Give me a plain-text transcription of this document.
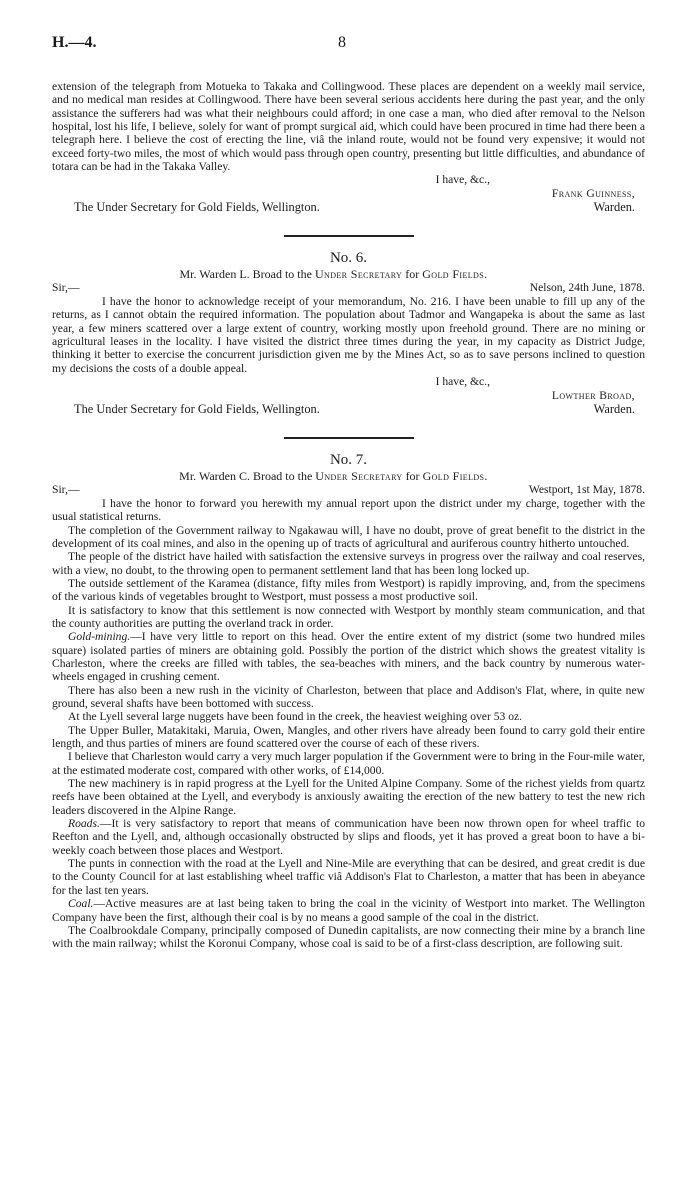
H.—4.	8

extension of the telegraph from Motueka to Takaka and Collingwood. These places are dependent on a weekly mail service, and no medical man resides at Collingwood. There have been several serious accidents here during the past year, and the only assistance the sufferers had was what their neighbours could afford; in one case a man, who died after removal to the Nelson hospital, lost his life, I believe, solely for want of prompt surgical aid, which could have been procured in time had there been a telegraph here. I believe the cost of erecting the line, viâ the inland route, would not be found very expensive; it would not exceed forty-two miles, the most of which would pass through open country, presenting but little difficulties, and abundance of totara can be had in the Takaka Valley.

I have, &c.,

Frank Guinness,

The Under Secretary for Gold Fields, Wellington.	Warden.

No. 6.

Mr. Warden L. Broad to the Under Secretary for Gold Fields.

Sir,—	Nelson, 24th June, 1878.

I have the honor to acknowledge receipt of your memorandum, No. 216. I have been unable to fill up any of the returns, as I cannot obtain the required information. The population about Tadmor and Wangapeka is about the same as last year, a few miners scattered over a large extent of country, working mostly upon freehold ground. There are no mining or agricultural leases in the locality. I have visited the district three times during the year, in my capacity as District Judge, thinking it better to exercise the concurrent jurisdiction given me by the Mines Act, so as to save persons inclined to question my decisions the costs of a double appeal.

I have, &c.,

Lowther Broad,

The Under Secretary for Gold Fields, Wellington.	Warden.

No. 7.

Mr. Warden C. Broad to the Under Secretary for Gold Fields.

Sir,—	Westport, 1st May, 1878.

I have the honor to forward you herewith my annual report upon the district under my charge, together with the usual statistical returns.

The completion of the Government railway to Ngakawau will, I have no doubt, prove of great benefit to the district in the development of its coal mines, and also in the opening up of tracts of agricultural and auriferous country hitherto untouched.

The people of the district have hailed with satisfaction the extensive surveys in progress over the railway and coal reserves, with a view, no doubt, to the throwing open to permanent settlement land that has been long locked up.

The outside settlement of the Karamea (distance, fifty miles from Westport) is rapidly improving, and, from the specimens of the various kinds of vegetables brought to Westport, must possess a most productive soil.

It is satisfactory to know that this settlement is now connected with Westport by monthly steam communication, and that the county authorities are putting the overland track in order.

Gold-mining.—I have very little to report on this head. Over the entire extent of my district (some two hundred miles square) isolated parties of miners are obtaining gold. Possibly the portion of the district which shows the greatest vitality is Charleston, where the creeks are filled with tables, the sea-beaches with miners, and the back country by numerous water-wheels engaged in crushing cement.

There has also been a new rush in the vicinity of Charleston, between that place and Addison's Flat, where, in quite new ground, several shafts have been bottomed with success.

At the Lyell several large nuggets have been found in the creek, the heaviest weighing over 53 oz.

The Upper Buller, Matakitaki, Maruia, Owen, Mangles, and other rivers have already been found to carry gold their entire length, and thus parties of miners are found scattered over the course of each of these rivers.

I believe that Charleston would carry a very much larger population if the Government were to bring in the Four-mile water, at the estimated moderate cost, compared with other works, of £14,000.

The new machinery is in rapid progress at the Lyell for the United Alpine Company. Some of the richest yields from quartz reefs have been obtained at the Lyell, and everybody is anxiously awaiting the erection of the new battery to test the new rich leaders discovered in the Alpine Range.

Roads.—It is very satisfactory to report that means of communication have been now thrown open for wheel traffic to Reefton and the Lyell, and, although occasionally obstructed by slips and floods, yet it has proved a great boon to have a bi-weekly coach between those places and Westport.

The punts in connection with the road at the Lyell and Nine-Mile are everything that can be desired, and great credit is due to the County Council for at last establishing wheel traffic viâ Addison's Flat to Charleston, a matter that has been in abeyance for the last ten years.

Coal.—Active measures are at last being taken to bring the coal in the vicinity of Westport into market. The Wellington Company have been the first, although their coal is by no means a good sample of the coal in the district.

The Coalbrookdale Company, principally composed of Dunedin capitalists, are now connecting their mine by a branch line with the main railway; whilst the Koronui Company, whose coal is said to be of a first-class description, are following suit.
